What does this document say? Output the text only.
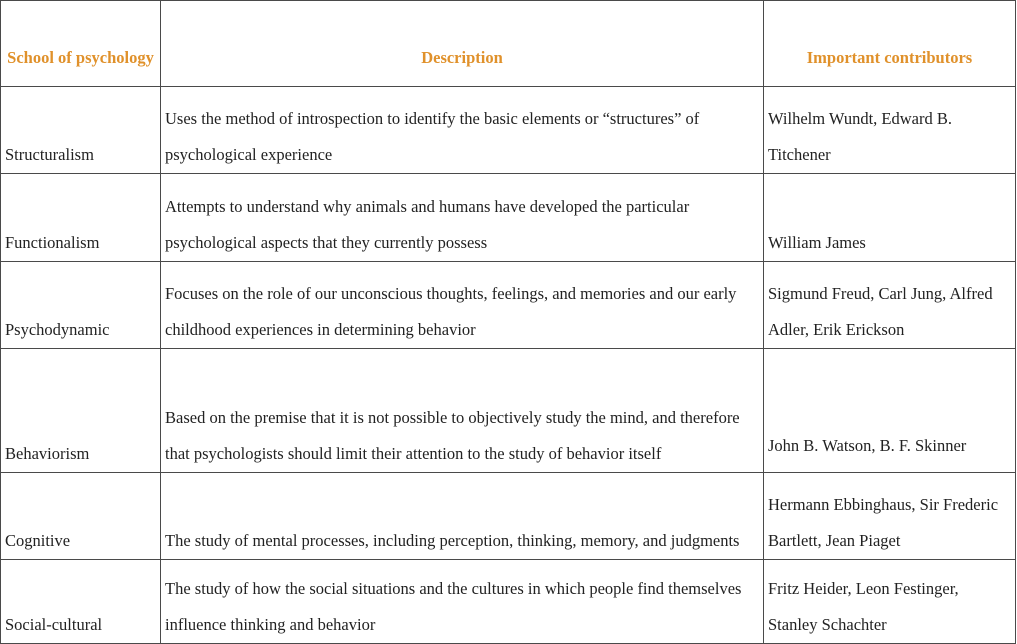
School of psychology	Description	Important contributors
Structuralism	Uses the method of introspection to identify the basic elements or “structures” of psychological experience	Wilhelm Wundt, Edward B. Titchener
Functionalism	Attempts to understand why animals and humans have developed the particular psychological aspects that they currently possess	William James
Psychodynamic	Focuses on the role of our unconscious thoughts, feelings, and memories and our early childhood experiences in determining behavior	Sigmund Freud, Carl Jung, Alfred Adler, Erik Erickson
Behaviorism	Based on the premise that it is not possible to objectively study the mind, and therefore that psychologists should limit their attention to the study of behavior itself	John B. Watson, B. F. Skinner
Cognitive	The study of mental processes, including perception, thinking, memory, and judgments	Hermann Ebbinghaus, Sir Frederic Bartlett, Jean Piaget
Social-cultural	The study of how the social situations and the cultures in which people find themselves influence thinking and behavior	Fritz Heider, Leon Festinger, Stanley Schachter
